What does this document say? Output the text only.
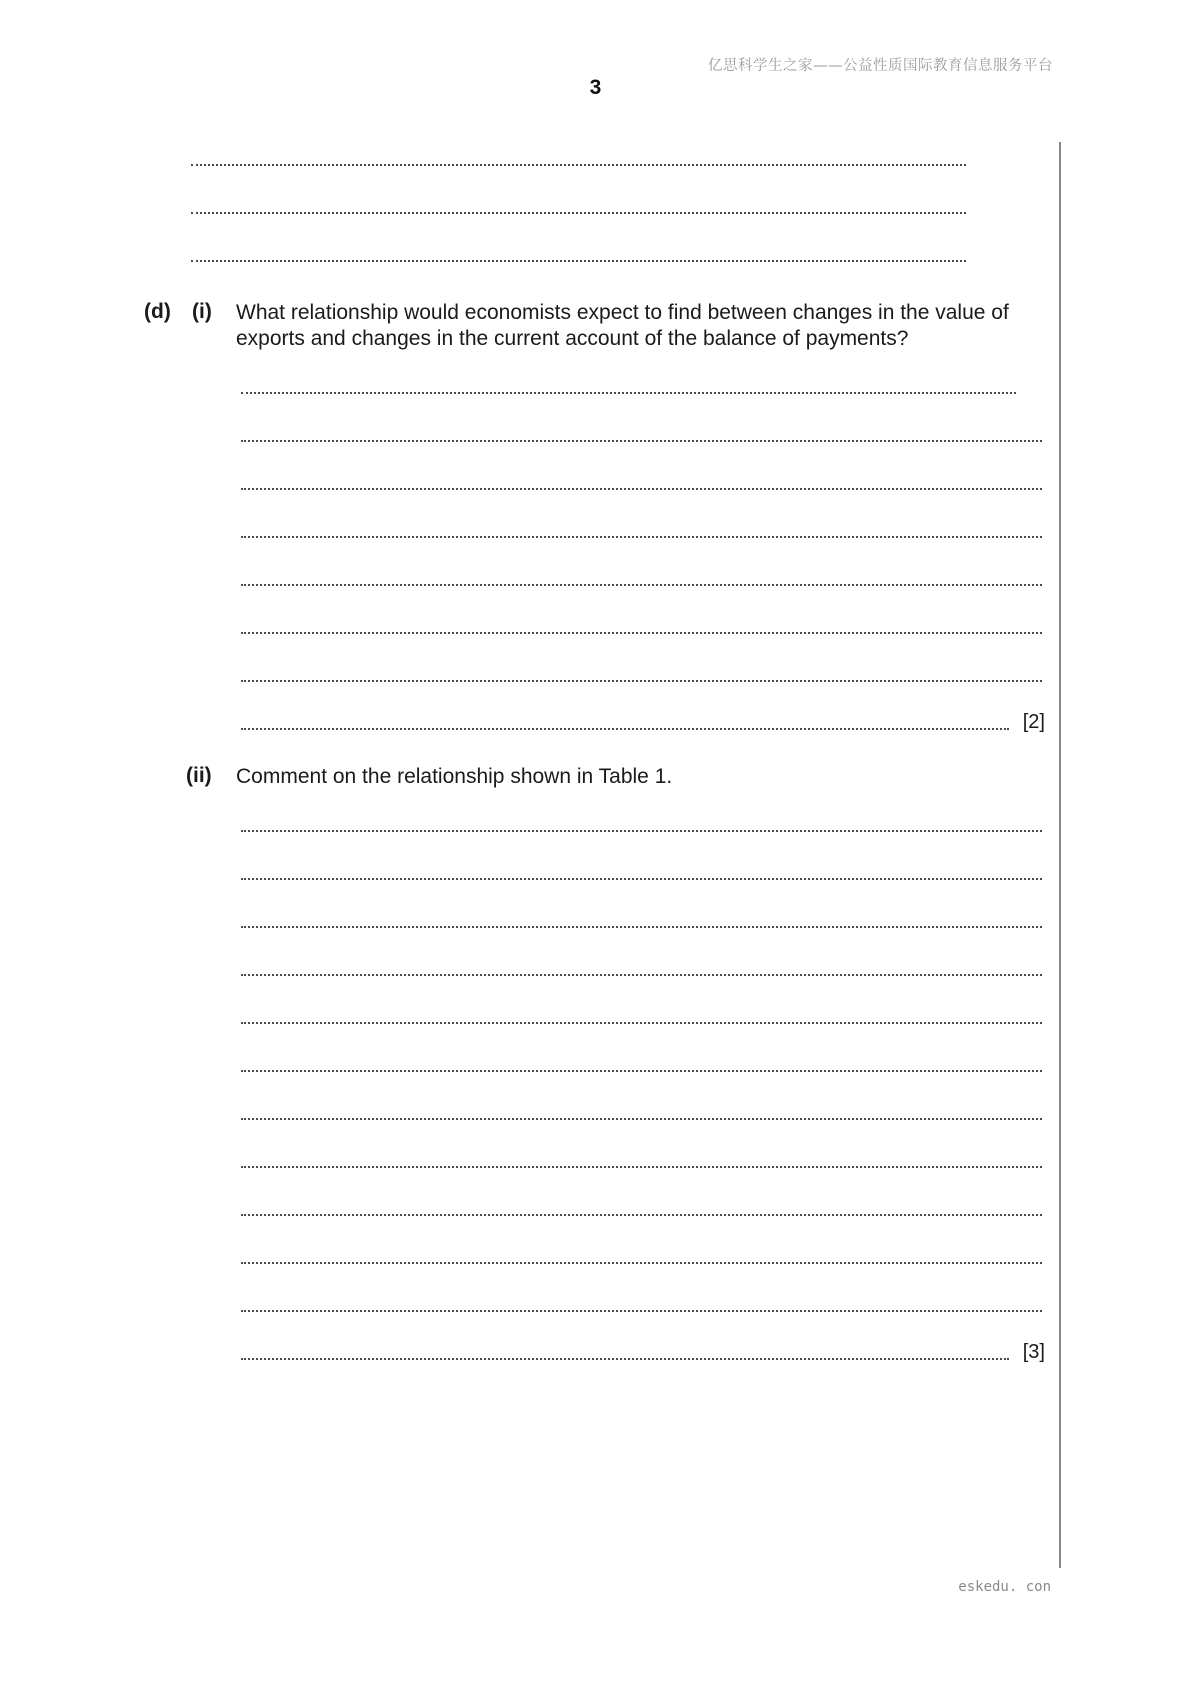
亿思科学生之家——公益性质国际教育信息服务平台
3
(d) (i) What relationship would economists expect to find between changes in the value of exports and changes in the current account of the balance of payments?
[2]
(ii) Comment on the relationship shown in Table 1.
[3]
eskedu. con
